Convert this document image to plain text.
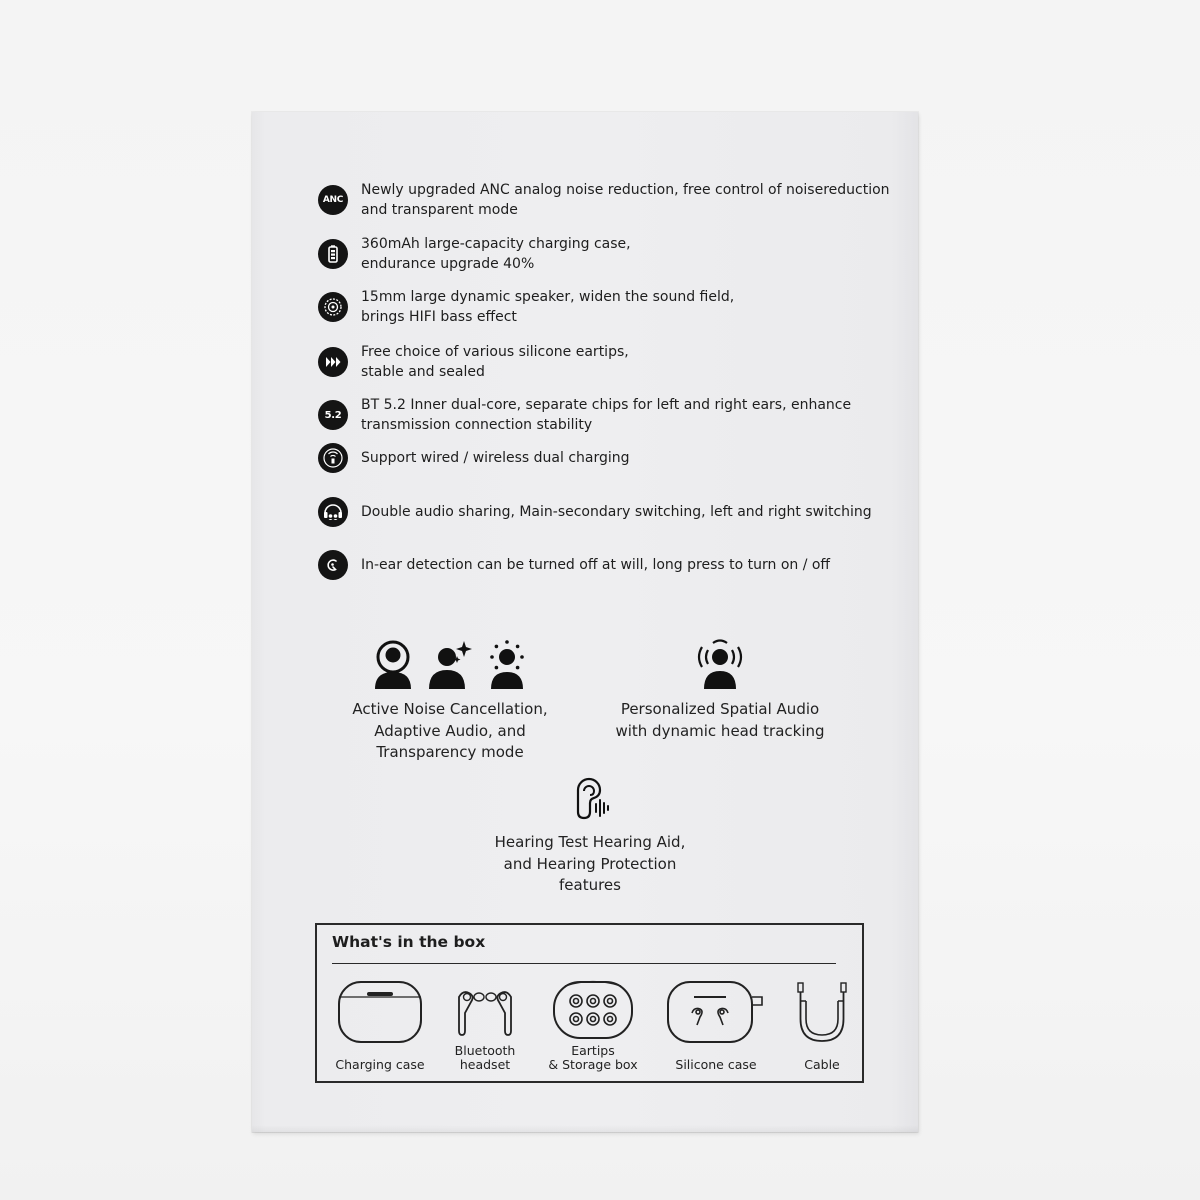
ANC
Newly upgraded ANC analog noise reduction, free control of noisereduction
and transparent mode
360mAh large-capacity charging case,
endurance upgrade 40%
15mm large dynamic speaker, widen the sound field,
brings HIFI bass effect
Free choice of various silicone eartips,
stable and sealed
5.2
BT 5.2 Inner dual-core, separate chips for left and right ears, enhance
transmission connection stability
Support wired / wireless dual charging
Double audio sharing, Main-secondary switching, left and right switching
In-ear detection can be turned off at will, long press to turn on / off
Active Noise Cancellation,
Adaptive Audio, and
Transparency mode
Personalized Spatial Audio
with dynamic head tracking
Hearing Test Hearing Aid,
and Hearing Protection
features
What's in the box
Charging case
Bluetooth
headset
Eartips
& Storage box	Silicone case	Cable
